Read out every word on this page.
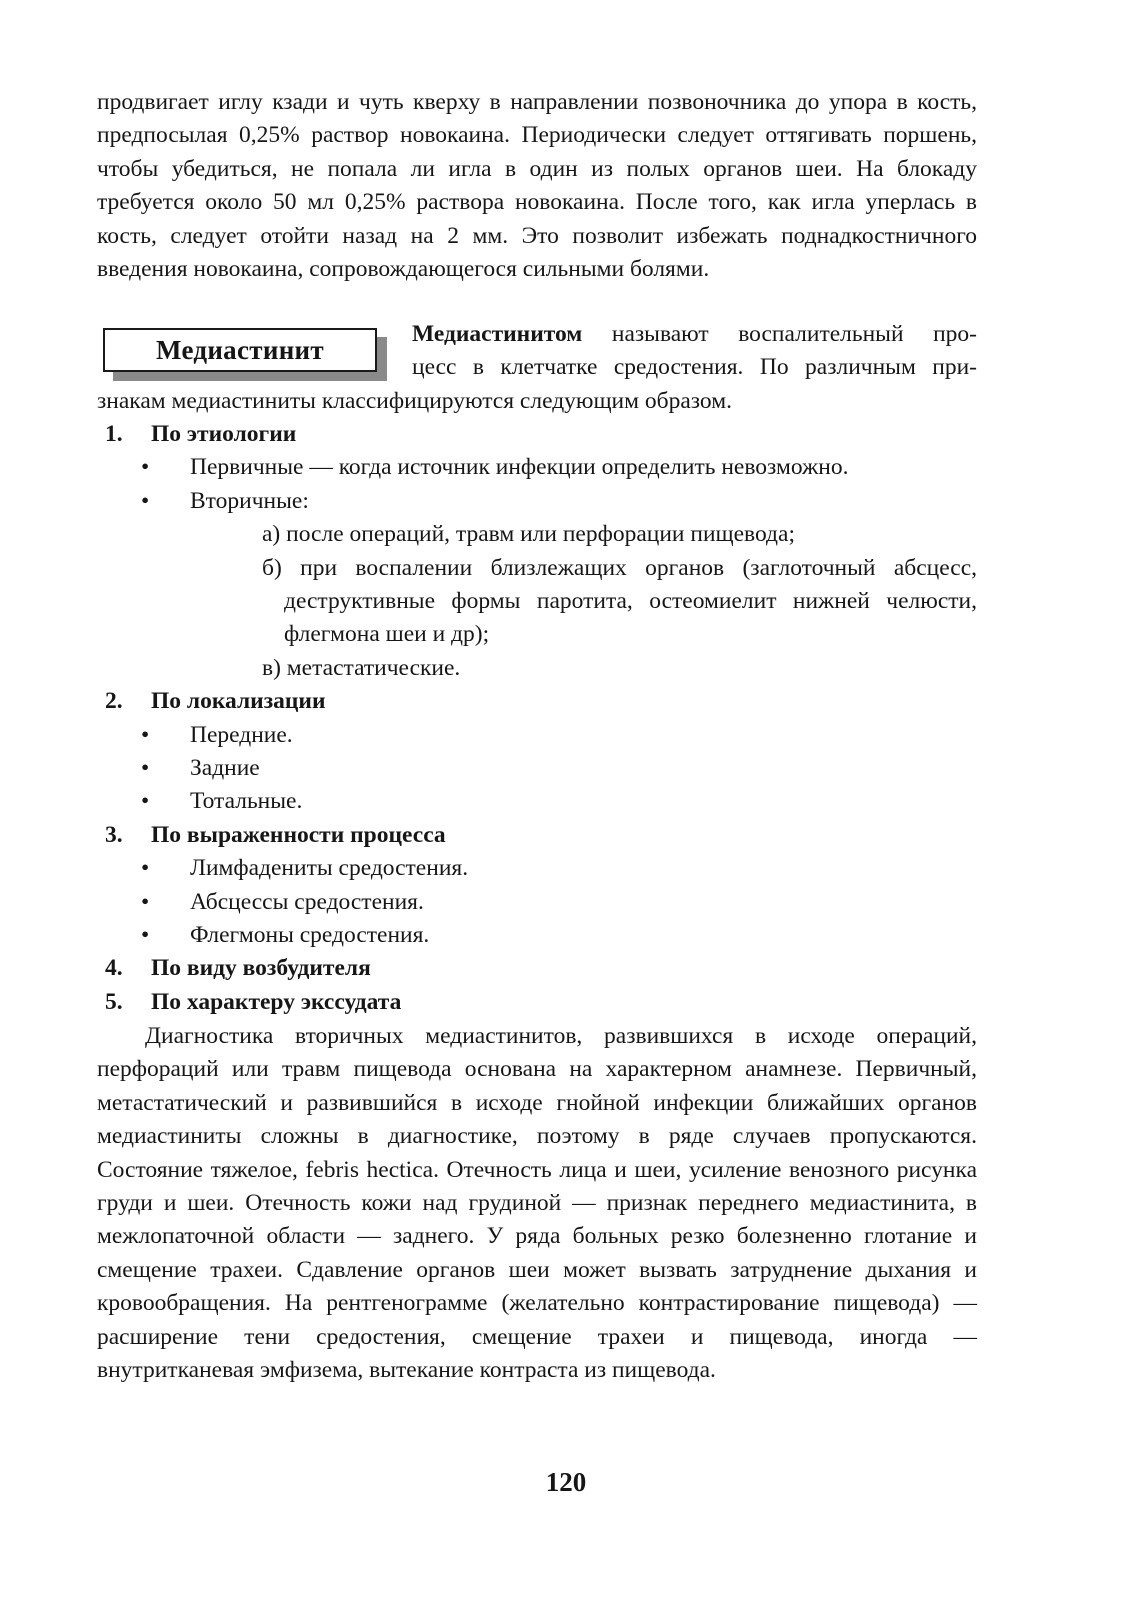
продвигает иглу кзади и чуть кверху в направлении позвоночника до упора в кость, предпосылая 0,25% раствор новокаина. Периодически следует оттягивать поршень, чтобы убедиться, не попала ли игла в один из полых органов шеи. На блокаду требуется около 50 мл 0,25% раствора новокаина. После того, как игла уперлась в кость, следует отойти назад на 2 мм. Это позволит избежать поднадкостничного введения новокаина, сопровождающегося сильными болями.

Медиастинит

Медиастинитом называют воспалительный про-

цесс в клетчатке средостения. По различным при-

знакам медиастиниты классифицируются следующим образом.

1.	По этиологии
• Первичные — когда источник инфекции определить невозможно.
• Вторичные:
а) после операций, травм или перфорации пищевода;
б) при воспалении близлежащих органов (заглоточный абсцесс, деструктивные формы паротита, остеомиелит нижней челюсти, флегмона шеи и др);
в) метастатические.
2.	По локализации
• Передние.
• Задние
• Тотальные.
3.	По выраженности процесса
• Лимфадениты средостения.
• Абсцессы средостения.
• Флегмоны средостения.
4.	По виду возбудителя
5.	По характеру экссудата

Диагностика вторичных медиастинитов, развившихся в исходе операций, перфораций или травм пищевода основана на характерном анамнезе. Первичный, метастатический и развившийся в исходе гнойной инфекции ближайших органов медиастиниты сложны в диагностике, поэтому в ряде случаев пропускаются. Состояние тяжелое, febris hectica. Отечность лица и шеи, усиление венозного рисунка груди и шеи. Отечность кожи над грудиной — признак переднего медиастинита, в межлопаточной области — заднего. У ряда больных резко болезненно глотание и смещение трахеи. Сдавление органов шеи может вызвать затруднение дыхания и кровообращения. На рентгенограмме (желательно контрастирование пищевода) — расширение тени средостения, смещение трахеи и пищевода, иногда — внутритканевая эмфизема, вытекание контраста из пищевода.

120
